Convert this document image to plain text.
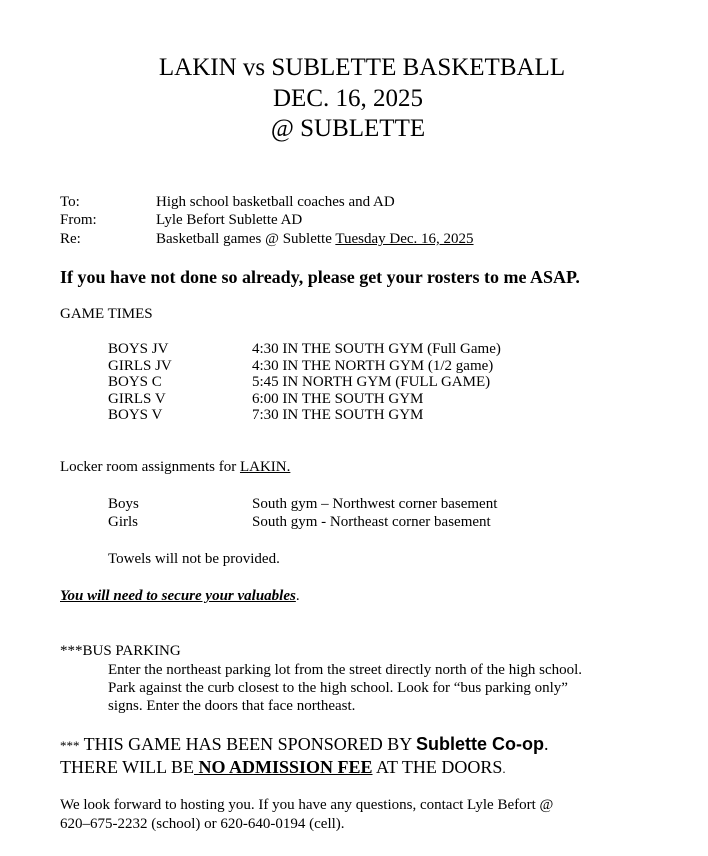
LAKIN vs SUBLETTE BASKETBALL
DEC. 16, 2025
@ SUBLETTE
To:	High school basketball coaches and AD
From:	Lyle Befort Sublette AD
Re:	Basketball games @ Sublette Tuesday Dec. 16, 2025
If you have not done so already, please get your rosters to me ASAP.
GAME TIMES
BOYS JV	4:30 IN THE SOUTH GYM (Full Game)
GIRLS JV	4:30 IN THE NORTH GYM (1/2 game)
BOYS C	5:45 IN NORTH GYM (FULL GAME)
GIRLS V	6:00 IN THE SOUTH GYM
BOYS V	7:30 IN THE SOUTH GYM
Locker room assignments for LAKIN.
Boys	South gym – Northwest corner basement
Girls	South gym - Northeast corner basement
Towels will not be provided.
You will need to secure your valuables.
***BUS PARKING
Enter the northeast parking lot from the street directly north of the high school.
Park against the curb closest to the high school. Look for “bus parking only”
signs. Enter the doors that face northeast.
*** THIS GAME HAS BEEN SPONSORED BY Sublette Co-op.
THERE WILL BE NO ADMISSION FEE AT THE DOORS.
We look forward to hosting you. If you have any questions, contact Lyle Befort @
620–675-2232 (school) or 620-640-0194 (cell).
